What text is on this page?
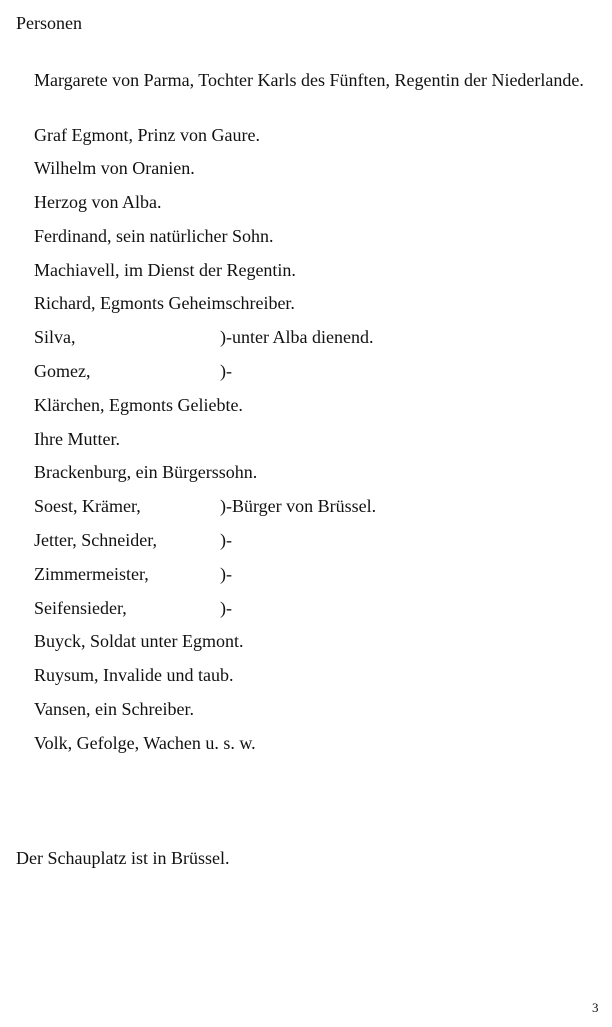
Personen
Margarete von Parma, Tochter Karls des Fünften, Regentin der Niederlande.
Graf Egmont, Prinz von Gaure.
Wilhelm von Oranien.
Herzog von Alba.
Ferdinand, sein natürlicher Sohn.
Machiavell, im Dienst der Regentin.
Richard, Egmonts Geheimschreiber.
Silva,	)-unter Alba dienend.
Gomez,	)-
Klärchen, Egmonts Geliebte.
Ihre Mutter.
Brackenburg, ein Bürgerssohn.
Soest, Krämer,	)-Bürger von Brüssel.
Jetter, Schneider,	)-
Zimmermeister,	)-
Seifensieder,	)-
Buyck, Soldat unter Egmont.
Ruysum, Invalide und taub.
Vansen, ein Schreiber.
Volk, Gefolge, Wachen u. s. w.

Der Schauplatz ist in Brüssel.

3
